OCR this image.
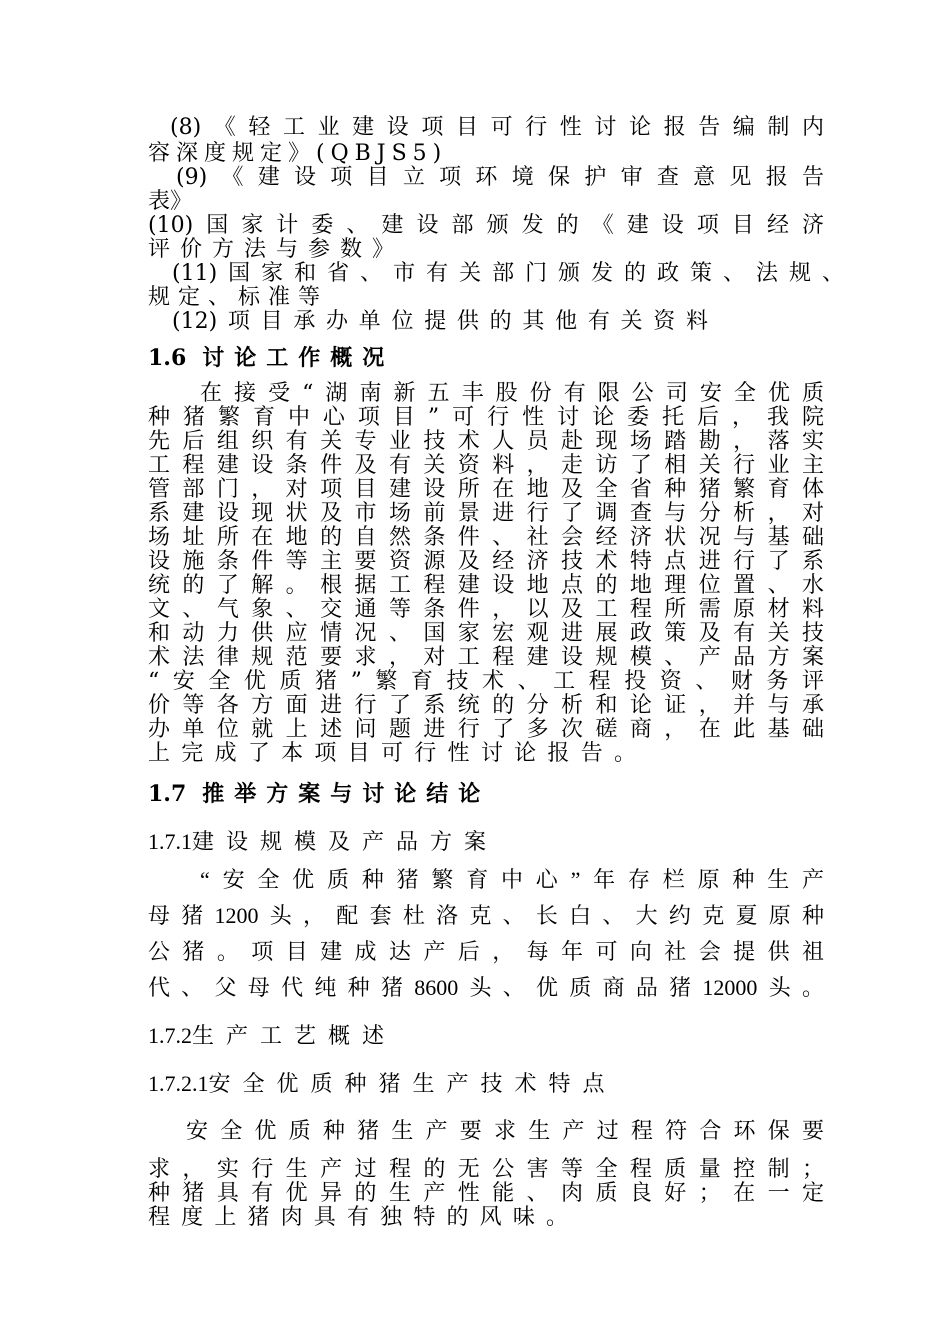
(8)《轻工业建设项目可行性讨论报告编制内
容深度规定》(QBJS5)
(9)《建设项目立项环境保护审查意见报告
表》
(10)国家计委、建设部颁发的《建设项目经济
评价方法与参数》
(11)国家和省、市有关部门颁发的政策、法规、
规定、标准等
(12)项目承办单位提供的其他有关资料
1.6 讨论工作概况
在接受“湖南新五丰股份有限公司安全优质
种猪繁育中心项目”可行性讨论委托后，我院
先后组织有关专业技术人员赴现场踏勘，落实
工程建设条件及有关资料，走访了相关行业主
管部门，对项目建设所在地及全省种猪繁育体
系建设现状及市场前景进行了调查与分析，对
场址所在地的自然条件、社会经济状况与基础
设施条件等主要资源及经济技术特点进行了系
统的了解。根据工程建设地点的地理位置、水
文、气象、交通等条件，以及工程所需原材料
和动力供应情况、国家宏观进展政策及有关技
术法律规范要求，对工程建设规模、产品方案
“安全优质猪”繁育技术、工程投资、财务评
价等各方面进行了系统的分析和论证，并与承
办单位就上述问题进行了多次磋商，在此基础
上完成了本项目可行性讨论报告。
1.7 推举方案与讨论结论
1.7.1建设规模及产品方案
“安全优质种猪繁育中心”年存栏原种生产
母猪1200头，配套杜洛克、长白、大约克夏原种
公猪。项目建成达产后，每年可向社会提供祖
代、父母代纯种猪8600头、优质商品猪12000头。
1.7.2生产工艺概述
1.7.2.1安全优质种猪生产技术特点
安全优质种猪生产要求生产过程符合环保要
求，实行生产过程的无公害等全程质量控制；
种猪具有优异的生产性能、肉质良好；在一定
程度上猪肉具有独特的风味。
